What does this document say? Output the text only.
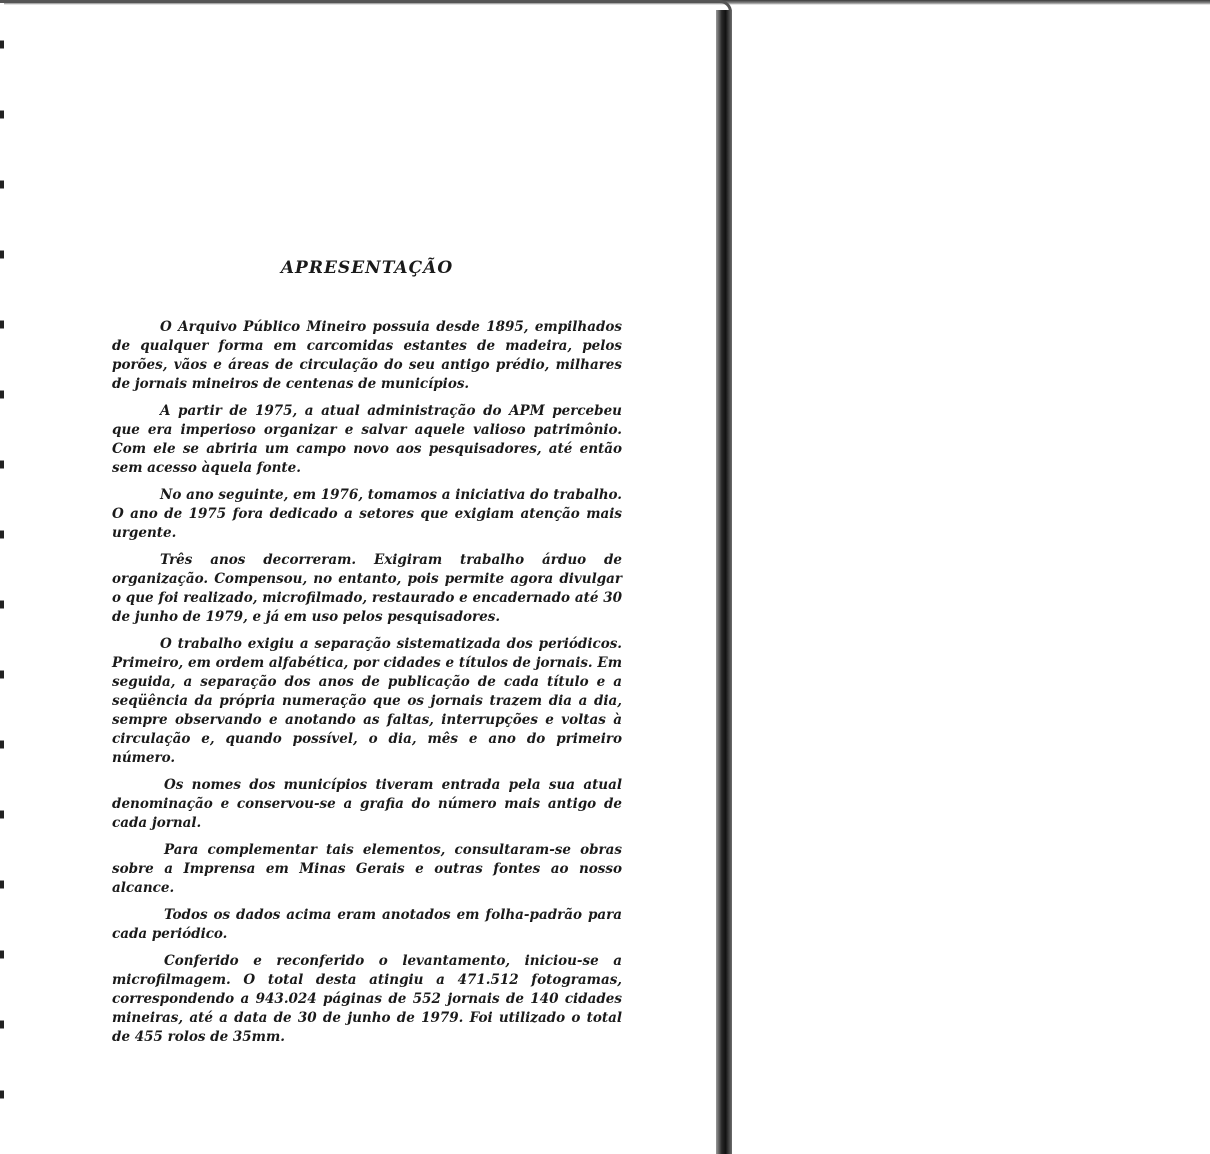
APRESENTAÇÃO

O Arquivo Público Mineiro possuia desde 1895, empilhados de qualquer forma em carcomidas estantes de madeira, pelos porões, vãos e áreas de circulação do seu antigo prédio, milhares de jornais mineiros de centenas de municípios.

A partir de 1975, a atual administração do APM percebeu que era imperioso organizar e salvar aquele valioso patrimônio. Com ele se abriria um campo novo aos pesquisadores, até então sem acesso àquela fonte.

No ano seguinte, em 1976, tomamos a iniciativa do trabalho. O ano de 1975 fora dedicado a setores que exigiam atenção mais urgente.

Três anos decorreram. Exigiram trabalho árduo de organização. Compensou, no entanto, pois permite agora divulgar o que foi realizado, microfilmado, restaurado e encadernado até 30 de junho de 1979, e já em uso pelos pesquisadores.

O trabalho exigiu a separação sistematizada dos periódicos. Primeiro, em ordem alfabética, por cidades e títulos de jornais. Em seguida, a separação dos anos de publicação de cada título e a seqüência da própria numeração que os jornais trazem dia a dia, sempre observando e anotando as faltas, interrupções e voltas à circulação e, quando possível, o dia, mês e ano do primeiro número.

Os nomes dos municípios tiveram entrada pela sua atual denominação e conservou-se a grafia do número mais antigo de cada jornal.

Para complementar tais elementos, consultaram-se obras sobre a Imprensa em Minas Gerais e outras fontes ao nosso alcance.

Todos os dados acima eram anotados em folha-padrão para cada periódico.

Conferido e reconferido o levantamento, iniciou-se a microfilmagem. O total desta atingiu a 471.512 fotogramas, correspondendo a 943.024 páginas de 552 jornais de 140 cidades mineiras, até a data de 30 de junho de 1979. Foi utilizado o total de 455 rolos de 35mm.
